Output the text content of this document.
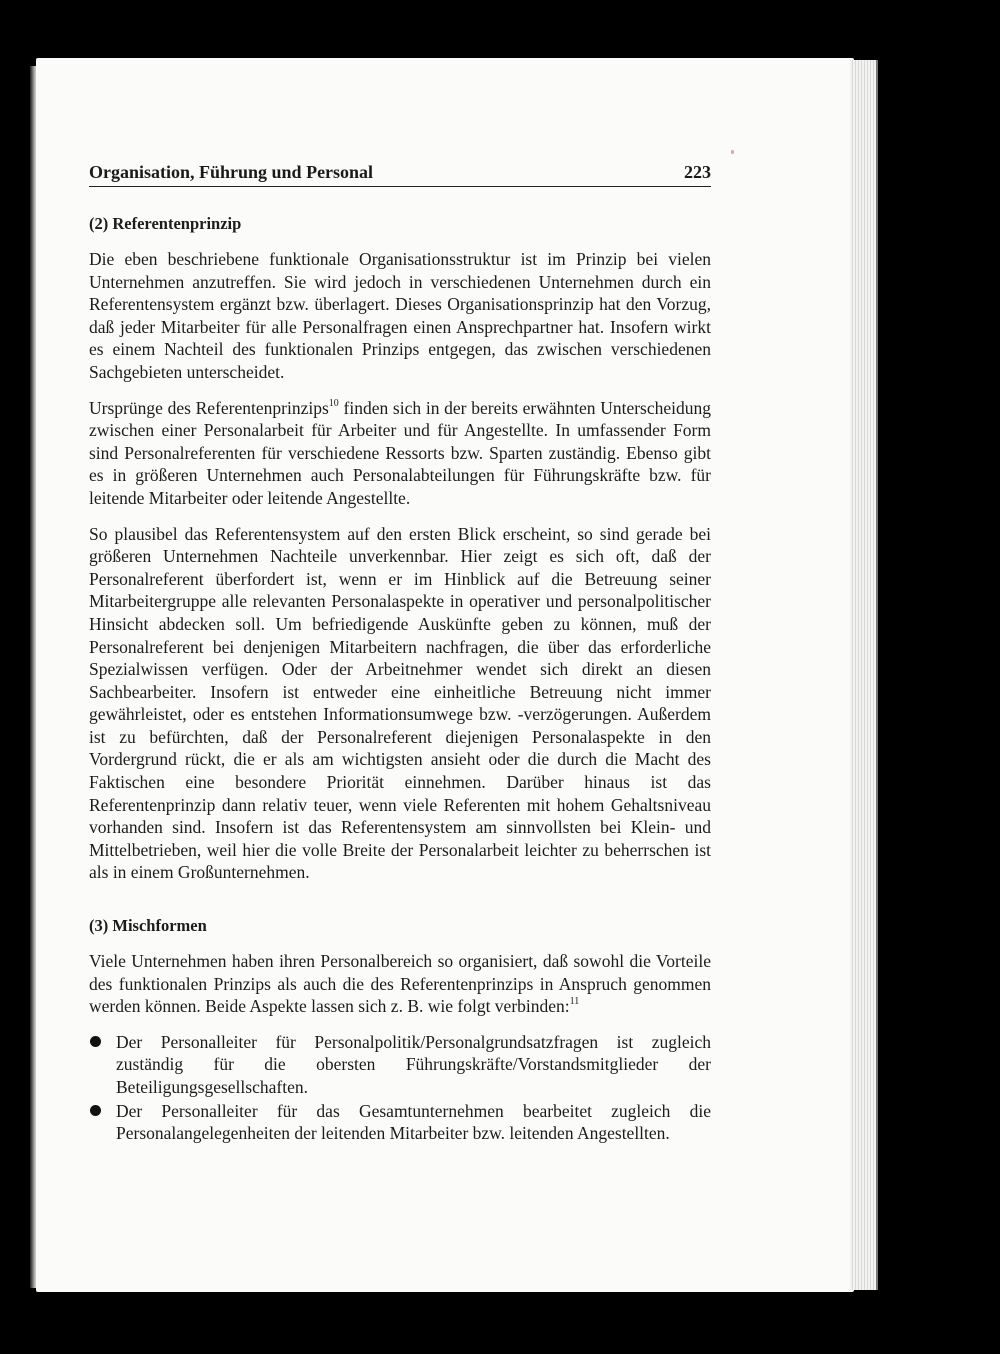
Organisation, Führung und Personal	223
(2) Referentenprinzip

Die eben beschriebene funktionale Organisationsstruktur ist im Prinzip bei vielen Unternehmen anzutreffen. Sie wird jedoch in verschiedenen Unternehmen durch ein Referentensystem ergänzt bzw. überlagert. Dieses Organisationsprinzip hat den Vorzug, daß jeder Mitarbeiter für alle Personalfragen einen Ansprechpartner hat. Insofern wirkt es einem Nachteil des funktionalen Prinzips entgegen, das zwischen verschiedenen Sachgebieten unterscheidet.

Ursprünge des Referentenprinzips$^{10}$ finden sich in der bereits erwähnten Unterscheidung zwischen einer Personalarbeit für Arbeiter und für Angestellte. In umfassender Form sind Personalreferenten für verschiedene Ressorts bzw. Sparten zuständig. Ebenso gibt es in größeren Unternehmen auch Personalabteilungen für Führungskräfte bzw. für leitende Mitarbeiter oder leitende Angestellte.

So plausibel das Referentensystem auf den ersten Blick erscheint, so sind gerade bei größeren Unternehmen Nachteile unverkennbar. Hier zeigt es sich oft, daß der Personalreferent überfordert ist, wenn er im Hinblick auf die Betreuung seiner Mitarbeitergruppe alle relevanten Personalaspekte in operativer und personalpolitischer Hinsicht abdecken soll. Um befriedigende Auskünfte geben zu können, muß der Personalreferent bei denjenigen Mitarbeitern nachfragen, die über das erforderliche Spezialwissen verfügen. Oder der Arbeitnehmer wendet sich direkt an diesen Sachbearbeiter. Insofern ist entweder eine einheitliche Betreuung nicht immer gewährleistet, oder es entstehen Informationsumwege bzw. -verzögerungen. Außerdem ist zu befürchten, daß der Personalreferent diejenigen Personalaspekte in den Vordergrund rückt, die er als am wichtigsten ansieht oder die durch die Macht des Faktischen eine besondere Priorität einnehmen. Darüber hinaus ist das Referentenprinzip dann relativ teuer, wenn viele Referenten mit hohem Gehaltsniveau vorhanden sind. Insofern ist das Referentensystem am sinnvollsten bei Klein- und Mittelbetrieben, weil hier die volle Breite der Personalarbeit leichter zu beherrschen ist als in einem Großunternehmen.

(3) Mischformen

Viele Unternehmen haben ihren Personalbereich so organisiert, daß sowohl die Vorteile des funktionalen Prinzips als auch die des Referentenprinzips in Anspruch genommen werden können. Beide Aspekte lassen sich z. B. wie folgt verbinden:$^{11}$

Der Personalleiter für Personalpolitik/Personalgrundsatzfragen ist zugleich zuständig für die obersten Führungskräfte/Vorstandsmitglieder der Beteiligungsgesellschaften.
Der Personalleiter für das Gesamtunternehmen bearbeitet zugleich die Personalangelegenheiten der leitenden Mitarbeiter bzw. leitenden Angestellten.
